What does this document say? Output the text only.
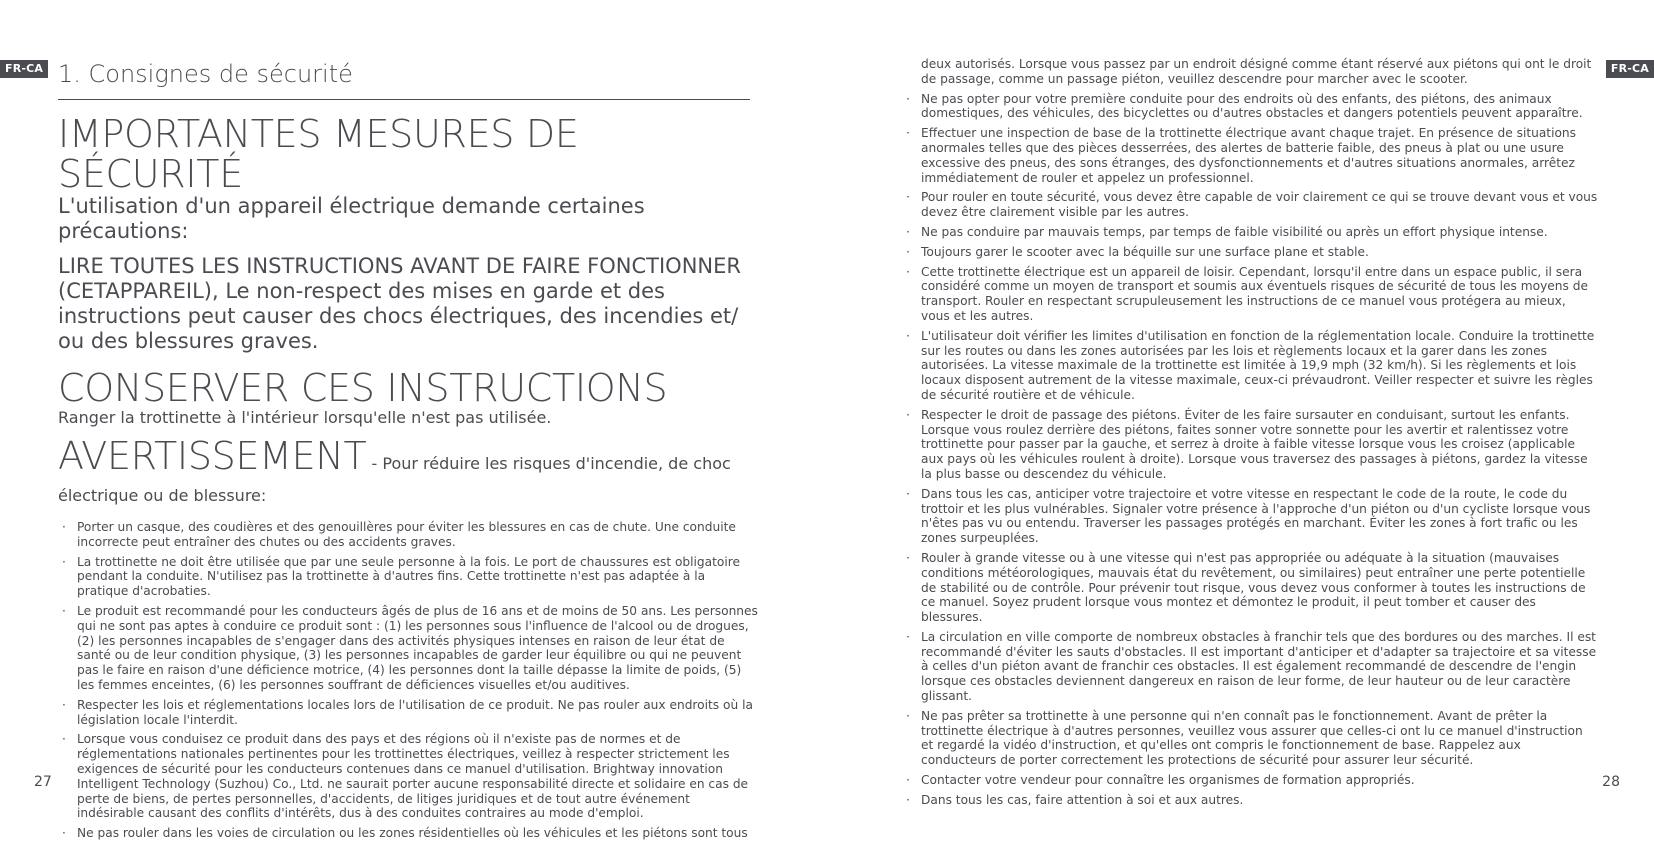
FR-CA	FR-CA
1. Consignes de sécurité
IMPORTANTES MESURES DE SÉCURITÉ

L'utilisation d'un appareil électrique demande certaines précautions:

LIRE TOUTES LES INSTRUCTIONS AVANT DE FAIRE FONCTIONNER (CETAPPAREIL), Le non-respect des mises en garde et des instructions peut causer des chocs électriques, des incendies et/ ou des blessures graves.

CONSERVER CES INSTRUCTIONS

Ranger la trottinette à l'intérieur lorsqu'elle n'est pas utilisée.

AVERTISSEMENT - Pour réduire les risques d'incendie, de choc
électrique ou de blessure:
· Porter un casque, des coudières et des genouillères pour éviter les blessures en cas de chute. Une conduite incorrecte peut entraîner des chutes ou des accidents graves.
· La trottinette ne doit être utilisée que par une seule personne à la fois. Le port de chaussures est obligatoire pendant la conduite. N'utilisez pas la trottinette à d'autres fins. Cette trottinette n'est pas adaptée à la pratique d'acrobaties.
· Le produit est recommandé pour les conducteurs âgés de plus de 16 ans et de moins de 50 ans. Les personnes qui ne sont pas aptes à conduire ce produit sont : (1) les personnes sous l'influence de l'alcool ou de drogues, (2) les personnes incapables de s'engager dans des activités physiques intenses en raison de leur état de santé ou de leur condition physique, (3) les personnes incapables de garder leur équilibre ou qui ne peuvent pas le faire en raison d'une déficience motrice, (4) les personnes dont la taille dépasse la limite de poids, (5) les femmes enceintes, (6) les personnes souffrant de déficiences visuelles et/ou auditives.
· Respecter les lois et réglementations locales lors de l'utilisation de ce produit. Ne pas rouler aux endroits où la législation locale l'interdit.
· Lorsque vous conduisez ce produit dans des pays et des régions où il n'existe pas de normes et de réglementations nationales pertinentes pour les trottinettes électriques, veillez à respecter strictement les exigences de sécurité pour les conducteurs contenues dans ce manuel d'utilisation. Brightway innovation Intelligent Technology (Suzhou) Co., Ltd. ne saurait porter aucune responsabilité directe et solidaire en cas de perte de biens, de pertes personnelles, d'accidents, de litiges juridiques et de tout autre événement indésirable causant des conflits d'intérêts, dus à des conduites contraires au mode d'emploi.
· Ne pas rouler dans les voies de circulation ou les zones résidentielles où les véhicules et les piétons sont tous
deux autorisés. Lorsque vous passez par un endroit désigné comme étant réservé aux piétons qui ont le droit de passage, comme un passage piéton, veuillez descendre pour marcher avec le scooter.
· Ne pas opter pour votre première conduite pour des endroits où des enfants, des piétons, des animaux domestiques, des véhicules, des bicyclettes ou d'autres obstacles et dangers potentiels peuvent apparaître.
· Effectuer une inspection de base de la trottinette électrique avant chaque trajet. En présence de situations anormales telles que des pièces desserrées, des alertes de batterie faible, des pneus à plat ou une usure excessive des pneus, des sons étranges, des dysfonctionnements et d'autres situations anormales, arrêtez immédiatement de rouler et appelez un professionnel.
· Pour rouler en toute sécurité, vous devez être capable de voir clairement ce qui se trouve devant vous et vous devez être clairement visible par les autres.
· Ne pas conduire par mauvais temps, par temps de faible visibilité ou après un effort physique intense.
· Toujours garer le scooter avec la béquille sur une surface plane et stable.
· Cette trottinette électrique est un appareil de loisir. Cependant, lorsqu'il entre dans un espace public, il sera considéré comme un moyen de transport et soumis aux éventuels risques de sécurité de tous les moyens de transport. Rouler en respectant scrupuleusement les instructions de ce manuel vous protégera au mieux, vous et les autres.
· L'utilisateur doit vérifier les limites d'utilisation en fonction de la réglementation locale. Conduire la trottinette sur les routes ou dans les zones autorisées par les lois et règlements locaux et la garer dans les zones autorisées. La vitesse maximale de la trottinette est limitée à 19,9 mph (32 km/h). Si les règlements et lois locaux disposent autrement de la vitesse maximale, ceux-ci prévaudront. Veiller respecter et suivre les règles de sécurité routière et de véhicule.
· Respecter le droit de passage des piétons. Éviter de les faire sursauter en conduisant, surtout les enfants. Lorsque vous roulez derrière des piétons, faites sonner votre sonnette pour les avertir et ralentissez votre trottinette pour passer par la gauche, et serrez à droite à faible vitesse lorsque vous les croisez (applicable aux pays où les véhicules roulent à droite). Lorsque vous traversez des passages à piétons, gardez la vitesse la plus basse ou descendez du véhicule.
· Dans tous les cas, anticiper votre trajectoire et votre vitesse en respectant le code de la route, le code du trottoir et les plus vulnérables. Signaler votre présence à l'approche d'un piéton ou d'un cycliste lorsque vous n'êtes pas vu ou entendu. Traverser les passages protégés en marchant. Éviter les zones à fort trafic ou les zones surpeuplées.
· Rouler à grande vitesse ou à une vitesse qui n'est pas appropriée ou adéquate à la situation (mauvaises conditions météorologiques, mauvais état du revêtement, ou similaires) peut entraîner une perte potentielle de stabilité ou de contrôle. Pour prévenir tout risque, vous devez vous conformer à toutes les instructions de ce manuel. Soyez prudent lorsque vous montez et démontez le produit, il peut tomber et causer des blessures.
· La circulation en ville comporte de nombreux obstacles à franchir tels que des bordures ou des marches. Il est recommandé d'éviter les sauts d'obstacles. Il est important d'anticiper et d'adapter sa trajectoire et sa vitesse à celles d'un piéton avant de franchir ces obstacles. Il est également recommandé de descendre de l'engin lorsque ces obstacles deviennent dangereux en raison de leur forme, de leur hauteur ou de leur caractère glissant.
· Ne pas prêter sa trottinette à une personne qui n'en connaît pas le fonctionnement. Avant de prêter la trottinette électrique à d'autres personnes, veuillez vous assurer que celles-ci ont lu ce manuel d'instruction et regardé la vidéo d'instruction, et qu'elles ont compris le fonctionnement de base. Rappelez aux conducteurs de porter correctement les protections de sécurité pour assurer leur sécurité.
· Contacter votre vendeur pour connaître les organismes de formation appropriés.
· Dans tous les cas, faire attention à soi et aux autres.
27	28
